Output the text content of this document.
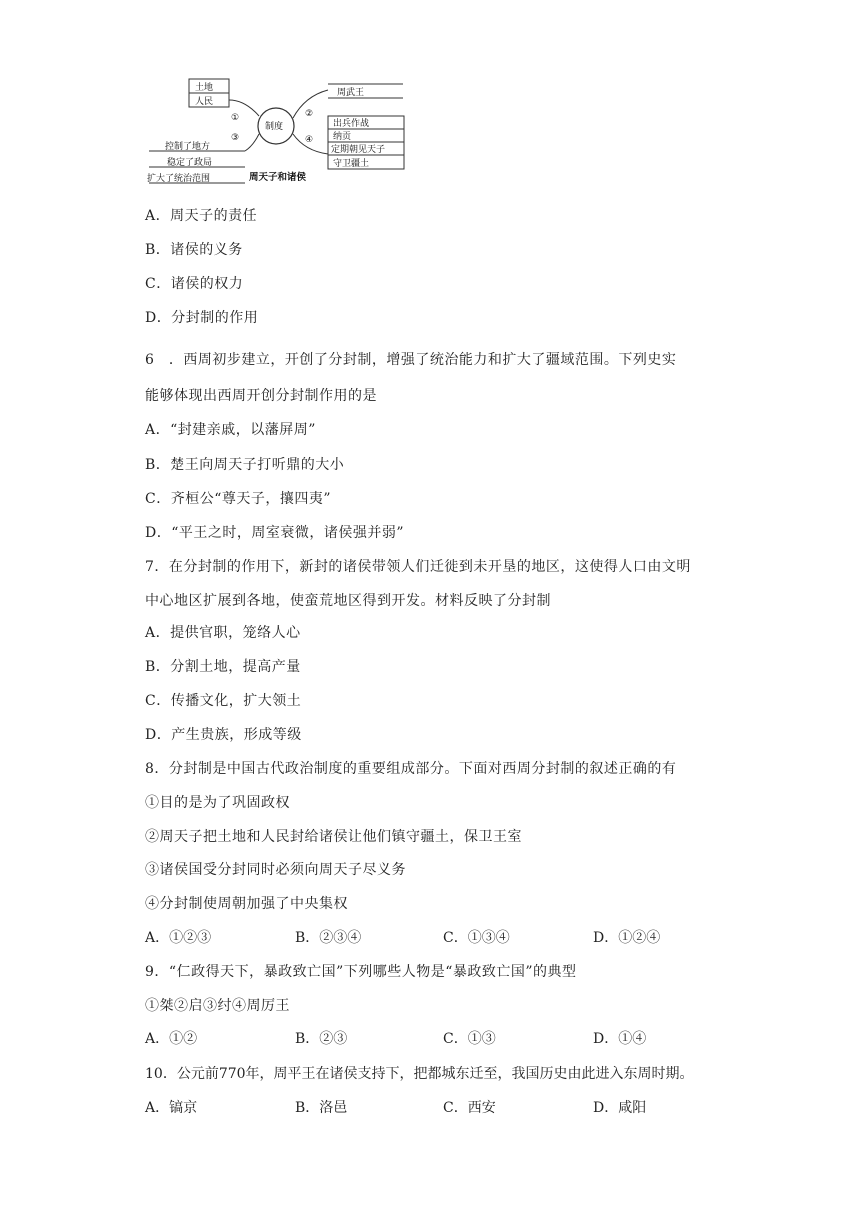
土地
人民
控制了地方
稳定了政局
扩大了统治范围
①
③
制度
②
④
周武王
出兵作战
纳贡
定期朝见天子
守卫疆土
周天子和诸侯
A．周天子的责任
B．诸侯的义务
C．诸侯的权力
D．分封制的作用
6　．西周初步建立，开创了分封制，增强了统治能力和扩大了疆域范围。下列史实
能够体现出西周开创分封制作用的是
A．“封建亲戚，以藩屏周”
B．楚王向周天子打听鼎的大小
C．齐桓公“尊天子，攘四夷”
D．“平王之时，周室衰微，诸侯强并弱”
7．在分封制的作用下，新封的诸侯带领人们迁徙到未开垦的地区，这使得人口由文明
中心地区扩展到各地，使蛮荒地区得到开发。材料反映了分封制
A．提供官职，笼络人心
B．分割土地，提高产量
C．传播文化，扩大领土
D．产生贵族，形成等级
8．分封制是中国古代政治制度的重要组成部分。下面对西周分封制的叙述正确的有
①目的是为了巩固政权
②周天子把土地和人民封给诸侯让他们镇守疆土，保卫王室
③诸侯国受分封同时必须向周天子尽义务
④分封制使周朝加强了中央集权
A．①②③	B．②③④	C．①③④	D．①②④
9．“仁政得天下，暴政致亡国”下列哪些人物是“暴政致亡国”的典型
①桀②启③纣④周厉王
A．①②	B．②③	C．①③	D．①④
10．公元前770年，周平王在诸侯支持下，把都城东迁至，我国历史由此进入东周时期。
A．镐京	B．洛邑	C．西安	D．咸阳
